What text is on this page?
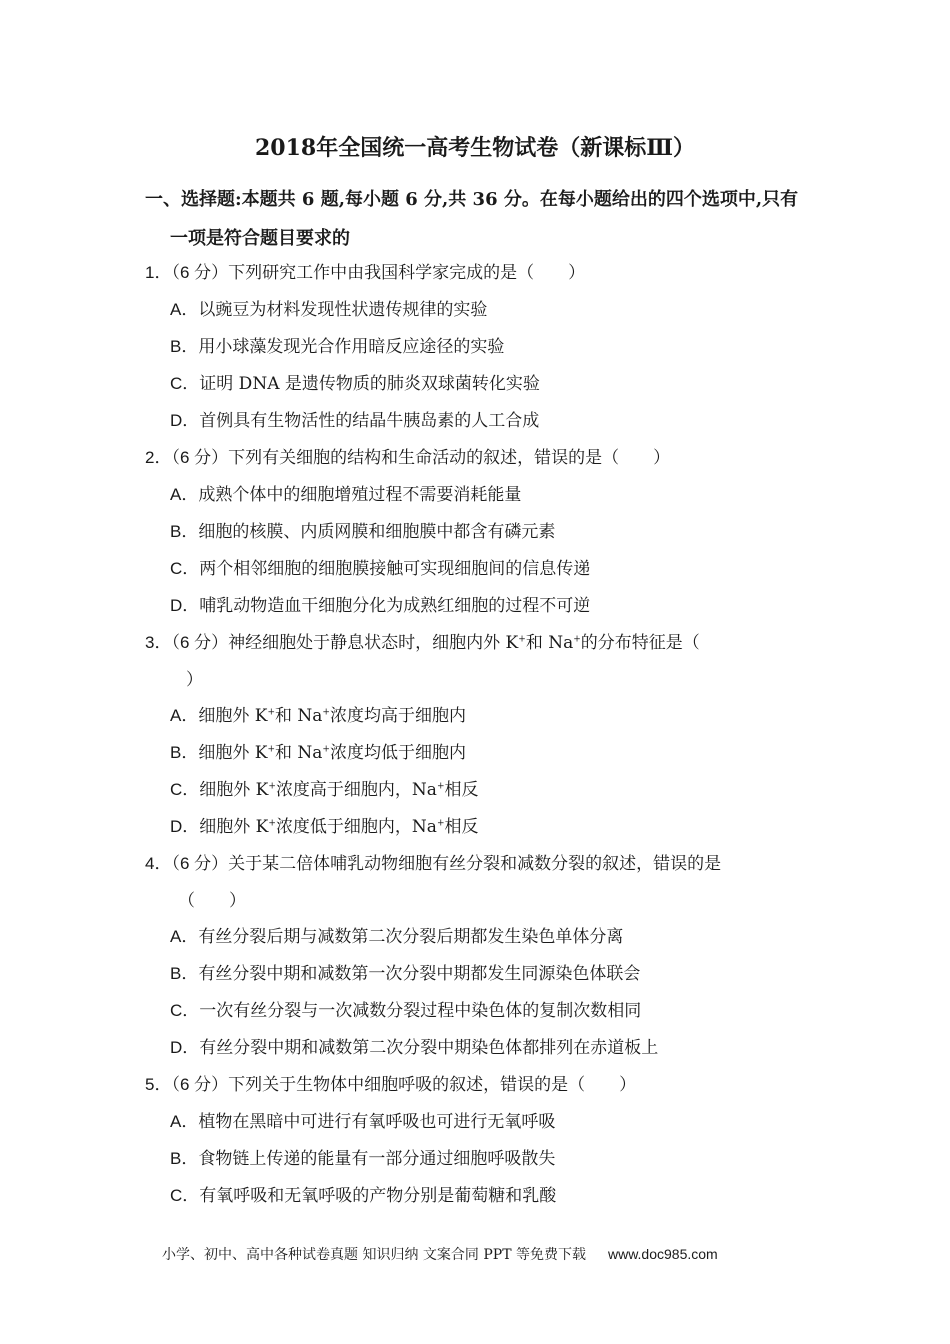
2018年全国统一高考生物试卷（新课标Ⅲ）
一、选择题:本题共 6 题,每小题 6 分,共 36 分。在每小题给出的四个选项中,只有
一项是符合题目要求的
1．（6 分）下列研究工作中由我国科学家完成的是（　　）
A．以豌豆为材料发现性状遗传规律的实验
B．用小球藻发现光合作用暗反应途径的实验
C．证明 DNA 是遗传物质的肺炎双球菌转化实验
D．首例具有生物活性的结晶牛胰岛素的人工合成
2．（6 分）下列有关细胞的结构和生命活动的叙述，错误的是（　　）
A．成熟个体中的细胞增殖过程不需要消耗能量
B．细胞的核膜、内质网膜和细胞膜中都含有磷元素
C．两个相邻细胞的细胞膜接触可实现细胞间的信息传递
D．哺乳动物造血干细胞分化为成熟红细胞的过程不可逆
3．（6 分）神经细胞处于静息状态时，细胞内外 K+和 Na+的分布特征是（
）
A．细胞外 K+和 Na+浓度均高于细胞内
B．细胞外 K+和 Na+浓度均低于细胞内
C．细胞外 K+浓度高于细胞内，Na+相反
D．细胞外 K+浓度低于细胞内，Na+相反
4．（6 分）关于某二倍体哺乳动物细胞有丝分裂和减数分裂的叙述，错误的是
（　　）
A．有丝分裂后期与减数第二次分裂后期都发生染色单体分离
B．有丝分裂中期和减数第一次分裂中期都发生同源染色体联会
C．一次有丝分裂与一次减数分裂过程中染色体的复制次数相同
D．有丝分裂中期和减数第二次分裂中期染色体都排列在赤道板上
5．（6 分）下列关于生物体中细胞呼吸的叙述，错误的是（　　）
A．植物在黑暗中可进行有氧呼吸也可进行无氧呼吸
B．食物链上传递的能量有一部分通过细胞呼吸散失
C．有氧呼吸和无氧呼吸的产物分别是葡萄糖和乳酸
小学、初中、高中各种试卷真题 知识归纳 文案合同 PPT 等免费下载 www.doc985.com
